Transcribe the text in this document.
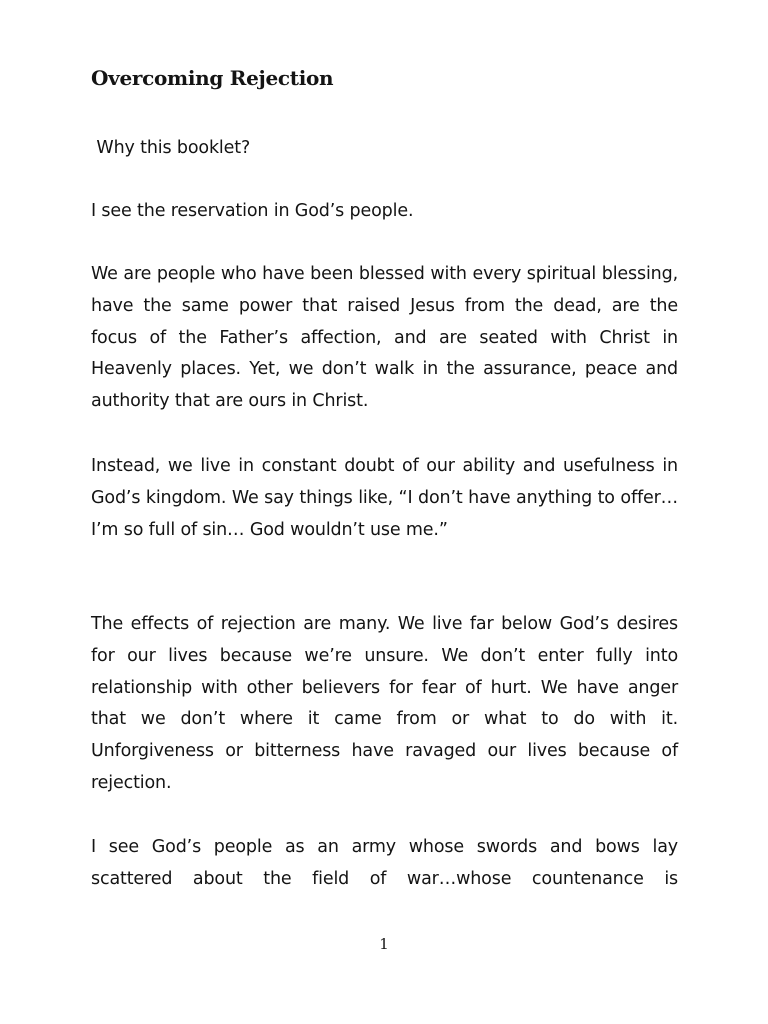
Overcoming Rejection

Why this booklet?

I see the reservation in God’s people.

We are people who have been blessed with every spiritual blessing, have the same power that raised Jesus from the dead, are the focus of the Father’s affection, and are seated with Christ in Heavenly places. Yet, we don’t walk in the assurance, peace and authority that are ours in Christ.

Instead, we live in constant doubt of our ability and usefulness in God’s kingdom. We say things like, “I don’t have anything to offer… I’m so full of sin… God wouldn’t use me.”

The effects of rejection are many. We live far below God’s desires for our lives because we’re unsure. We don’t enter fully into relationship with other believers for fear of hurt. We have anger that we don’t where it came from or what to do with it. Unforgiveness or bitterness have ravaged our lives because of rejection.

I see God’s people as an army whose swords and bows lay scattered about the field of war…whose countenance is

1
